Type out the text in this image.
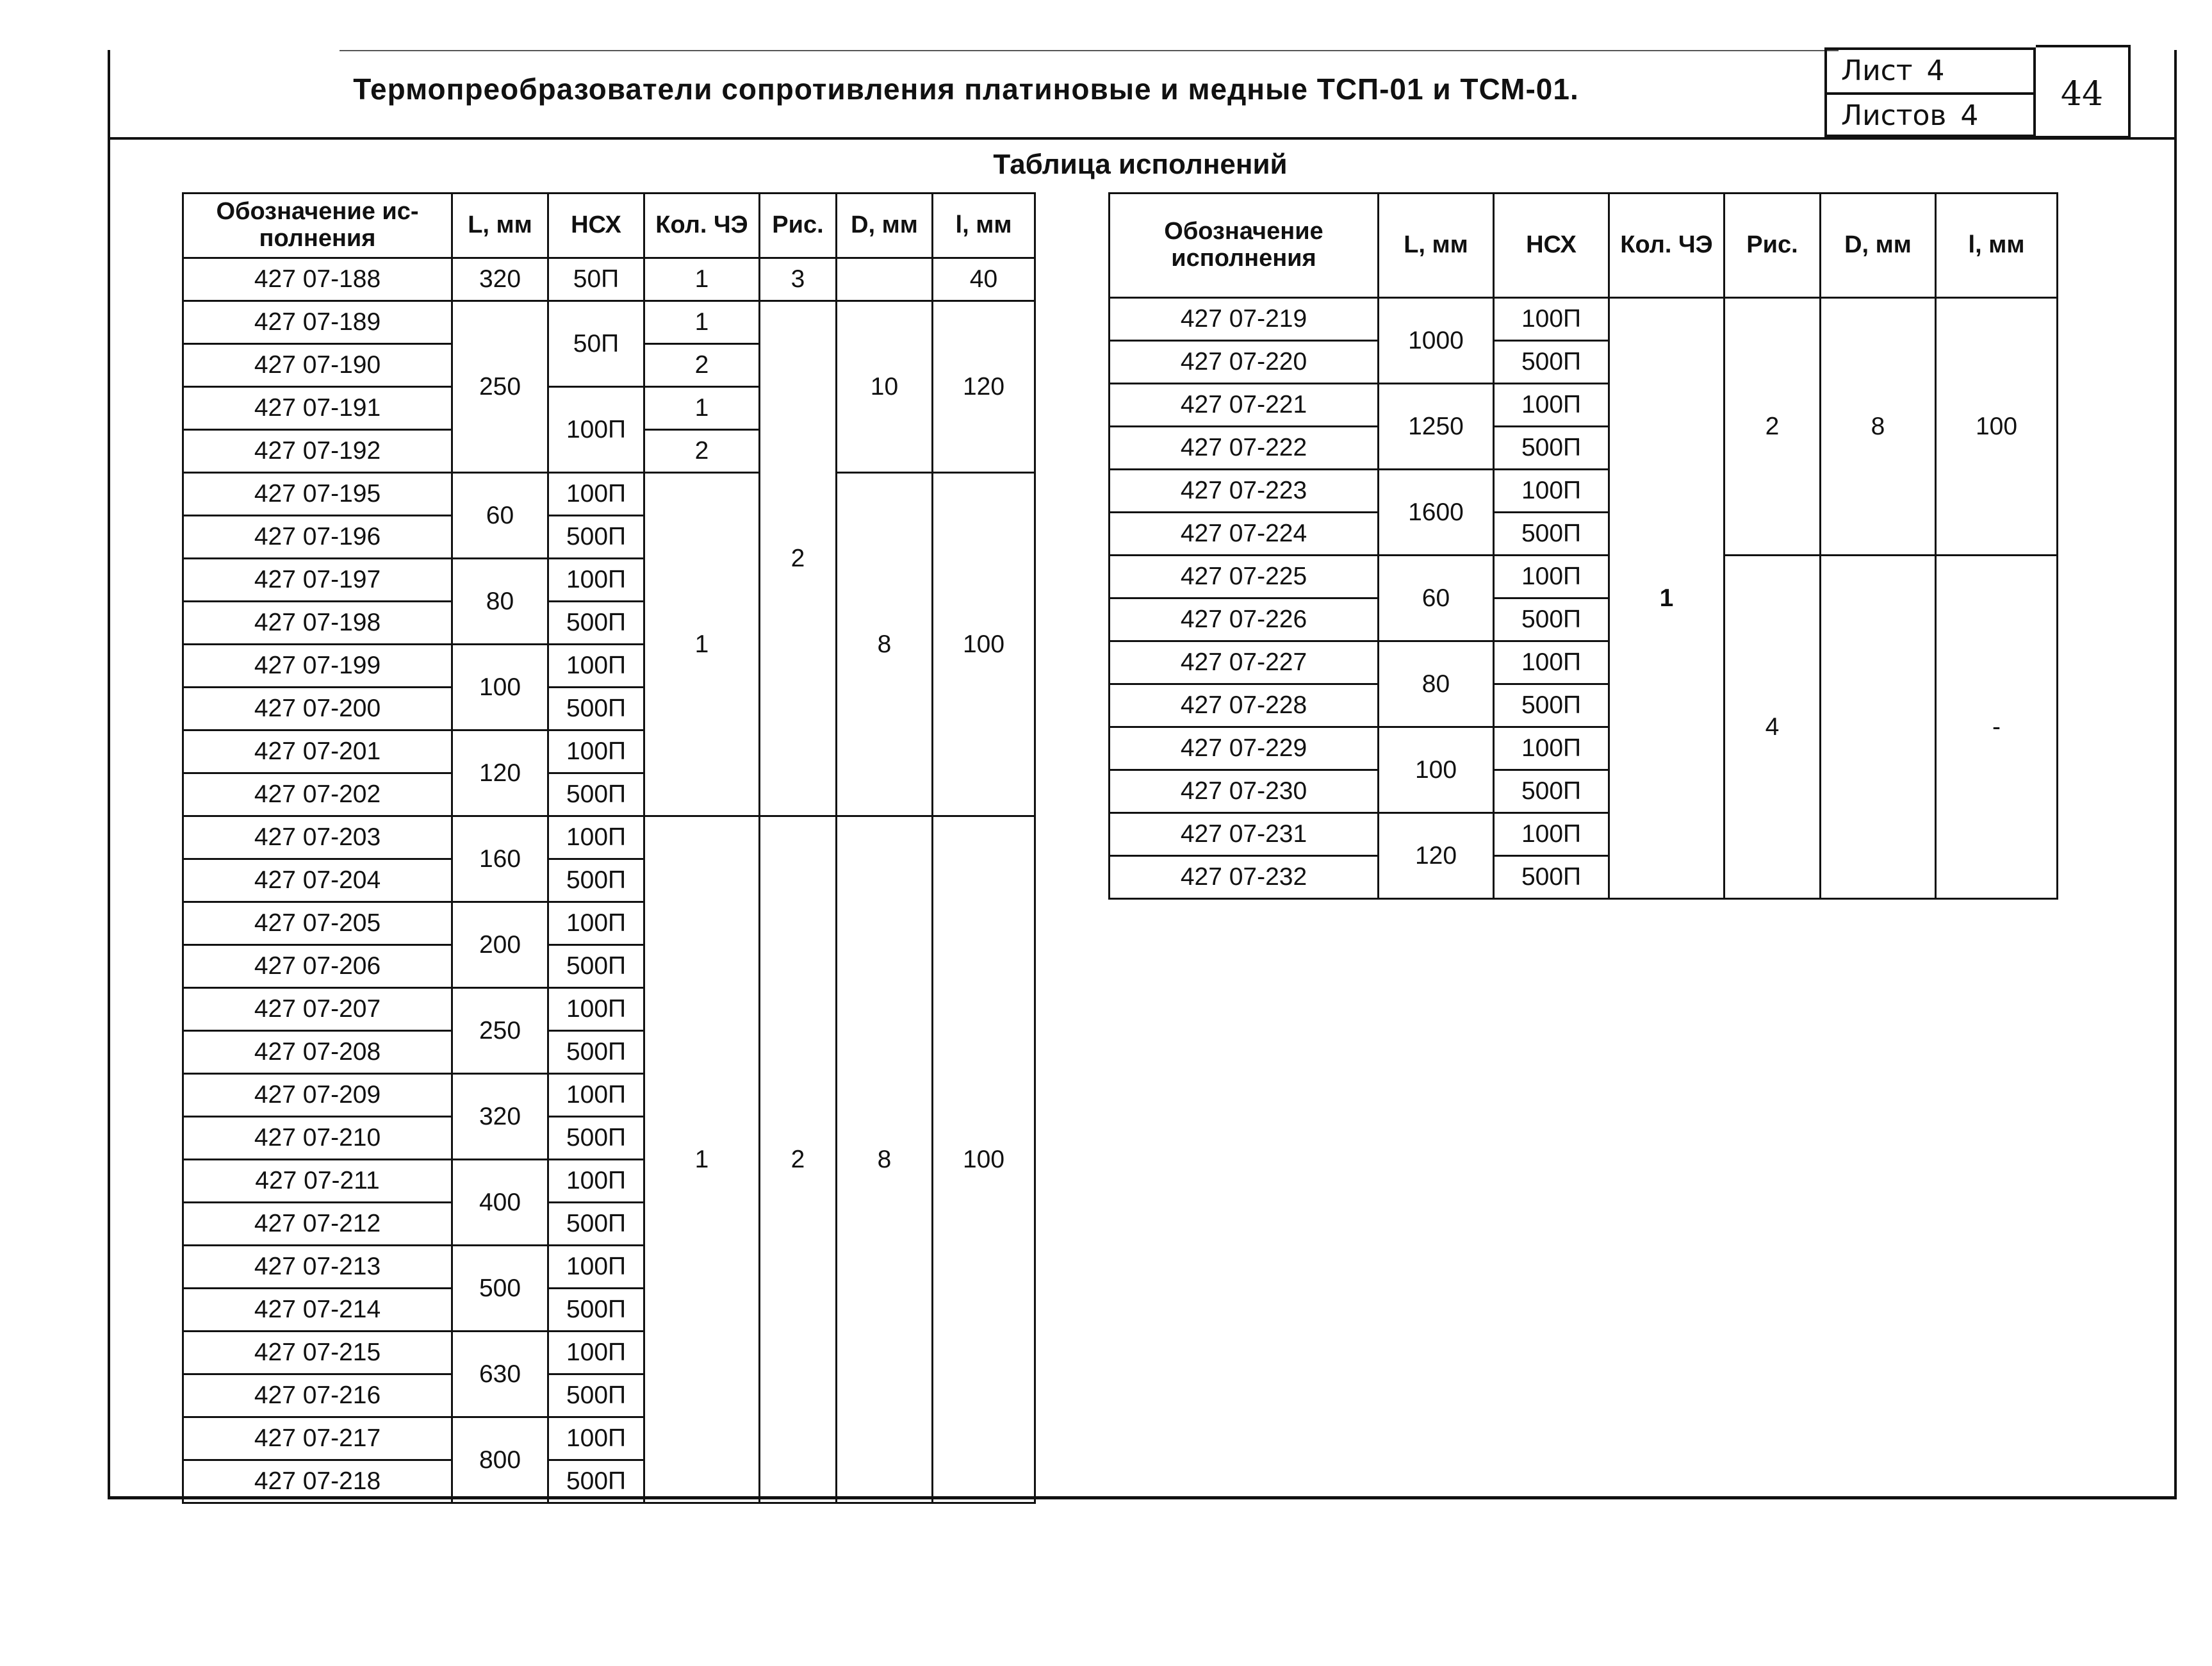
Термопреобразователи сопротивления платиновые и медные ТСП-01 и ТСМ-01.
Лист 4
Листов 4
44
Таблица исполнений
Обозначение ис-полнения	L, мм	НСХ	Кол. ЧЭ	Рис.	D, мм	l, мм
427 07-188	320	50П	1	3		40
427 07-189	250	50П	1	2	10	120
427 07-190			2			
427 07-191		100П	1			
427 07-192			2			
427 07-195	60	100П	1		8	100
427 07-196		500П				
427 07-197	80	100П				
427 07-198		500П				
427 07-199	100	100П				
427 07-200		500П				
427 07-201	120	100П				
427 07-202		500П				
427 07-203	160	100П	1	2	8	100
427 07-204		500П				
427 07-205	200	100П				
427 07-206		500П				
427 07-207	250	100П				
427 07-208		500П				
427 07-209	320	100П				
427 07-210		500П				
427 07-211	400	100П				
427 07-212		500П				
427 07-213	500	100П				
427 07-214		500П				
427 07-215	630	100П				
427 07-216		500П				
427 07-217	800	100П				
427 07-218		500П				
Обозначение исполнения	L, мм	НСХ	Кол. ЧЭ	Рис.	D, мм	l, мм
427 07-219	1000	100П	1	2	8	100
427 07-220		500П				
427 07-221	1250	100П				
427 07-222		500П				
427 07-223	1600	100П				
427 07-224		500П				
427 07-225	60	100П		4		-
427 07-226		500П				
427 07-227	80	100П				
427 07-228		500П				
427 07-229	100	100П				
427 07-230		500П				
427 07-231	120	100П				
427 07-232		500П				
